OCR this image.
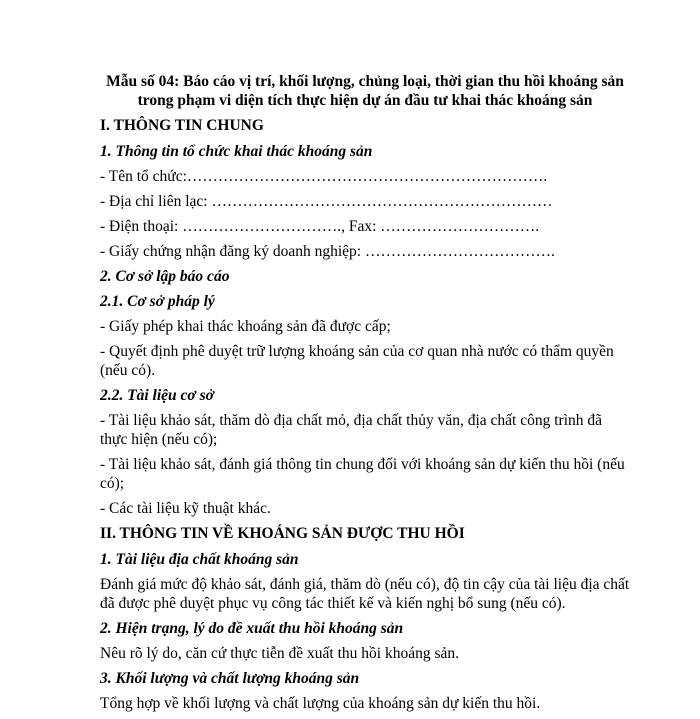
Mẫu số 04: Báo cáo vị trí, khối lượng, chủng loại, thời gian thu hồi khoáng sản trong phạm vi diện tích thực hiện dự án đầu tư khai thác khoáng sản
I. THÔNG TIN CHUNG
1. Thông tin tổ chức khai thác khoáng sản
- Tên tổ chức:…………………………………………………………….
- Địa chỉ liên lạc: …………………………………………………………
- Điện thoại: …………………………., Fax: ………………………….
- Giấy chứng nhận đăng ký doanh nghiệp: ……………………………….
2. Cơ sở lập báo cáo
2.1. Cơ sở pháp lý
- Giấy phép khai thác khoáng sản đã được cấp;
- Quyết định phê duyệt trữ lượng khoáng sản của cơ quan nhà nước có thẩm quyền (nếu có).
2.2. Tài liệu cơ sở
- Tài liệu khảo sát, thăm dò địa chất mỏ, địa chất thủy văn, địa chất công trình đã thực hiện (nếu có);
- Tài liệu khảo sát, đánh giá thông tin chung đối với khoáng sản dự kiến thu hồi (nếu có);
- Các tài liệu kỹ thuật khác.
II. THÔNG TIN VỀ KHOÁNG SẢN ĐƯỢC THU HỒI
1. Tài liệu địa chất khoáng sản
Đánh giá mức độ khảo sát, đánh giá, thăm dò (nếu có), độ tin cậy của tài liệu địa chất đã được phê duyệt phục vụ công tác thiết kế và kiến nghị bổ sung (nếu có).
2. Hiện trạng, lý do đề xuất thu hồi khoáng sản
Nêu rõ lý do, căn cứ thực tiễn đề xuất thu hồi khoáng sản.
3. Khối lượng và chất lượng khoáng sản
Tổng hợp về khối lượng và chất lượng của khoáng sản dự kiến thu hồi.
